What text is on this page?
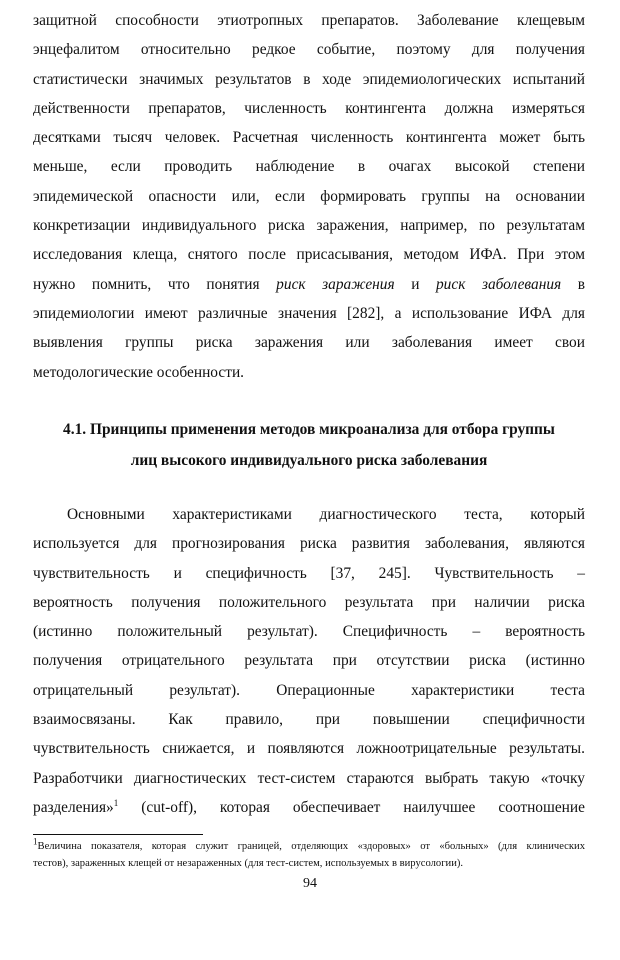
защитной способности этиотропных препаратов. Заболевание клещевым
энцефалитом относительно редкое событие, поэтому для получения
статистически значимых результатов в ходе эпидемиологических испытаний
действенности препаратов, численность контингента должна измеряться
десятками тысяч человек. Расчетная численность контингента может быть
меньше, если проводить наблюдение в очагах высокой степени
эпидемической опасности или, если формировать группы на основании
конкретизации индивидуального риска заражения, например, по результатам
исследования клеща, снятого после присасывания, методом ИФА. При этом
нужно помнить, что понятия риск заражения и риск заболевания в
эпидемиологии имеют различные значения [282], а использование ИФА для
выявления группы риска заражения или заболевания имеет свои
методологические особенности.
4.1. Принципы применения методов микроанализа для отбора группы
лиц высокого индивидуального риска заболевания
Основными характеристиками диагностического теста, который
используется для прогнозирования риска развития заболевания, являются
чувствительность и специфичность [37, 245]. Чувствительность –
вероятность получения положительного результата при наличии риска
(истинно положительный результат). Специфичность – вероятность
получения отрицательного результата при отсутствии риска (истинно
отрицательный результат). Операционные характеристики теста
взаимосвязаны. Как правило, при повышении специфичности
чувствительность снижается, и появляются ложноотрицательные результаты.
Разработчики диагностических тест-систем стараются выбрать такую «точку
разделения»$^1$ (cut-off), которая обеспечивает наилучшее соотношение
$^1$Величина показателя, которая служит границей, отделяющих «здоровых» от «больных» (для клинических
тестов), зараженных клещей от незараженных (для тест-систем, используемых в вирусологии).
94
